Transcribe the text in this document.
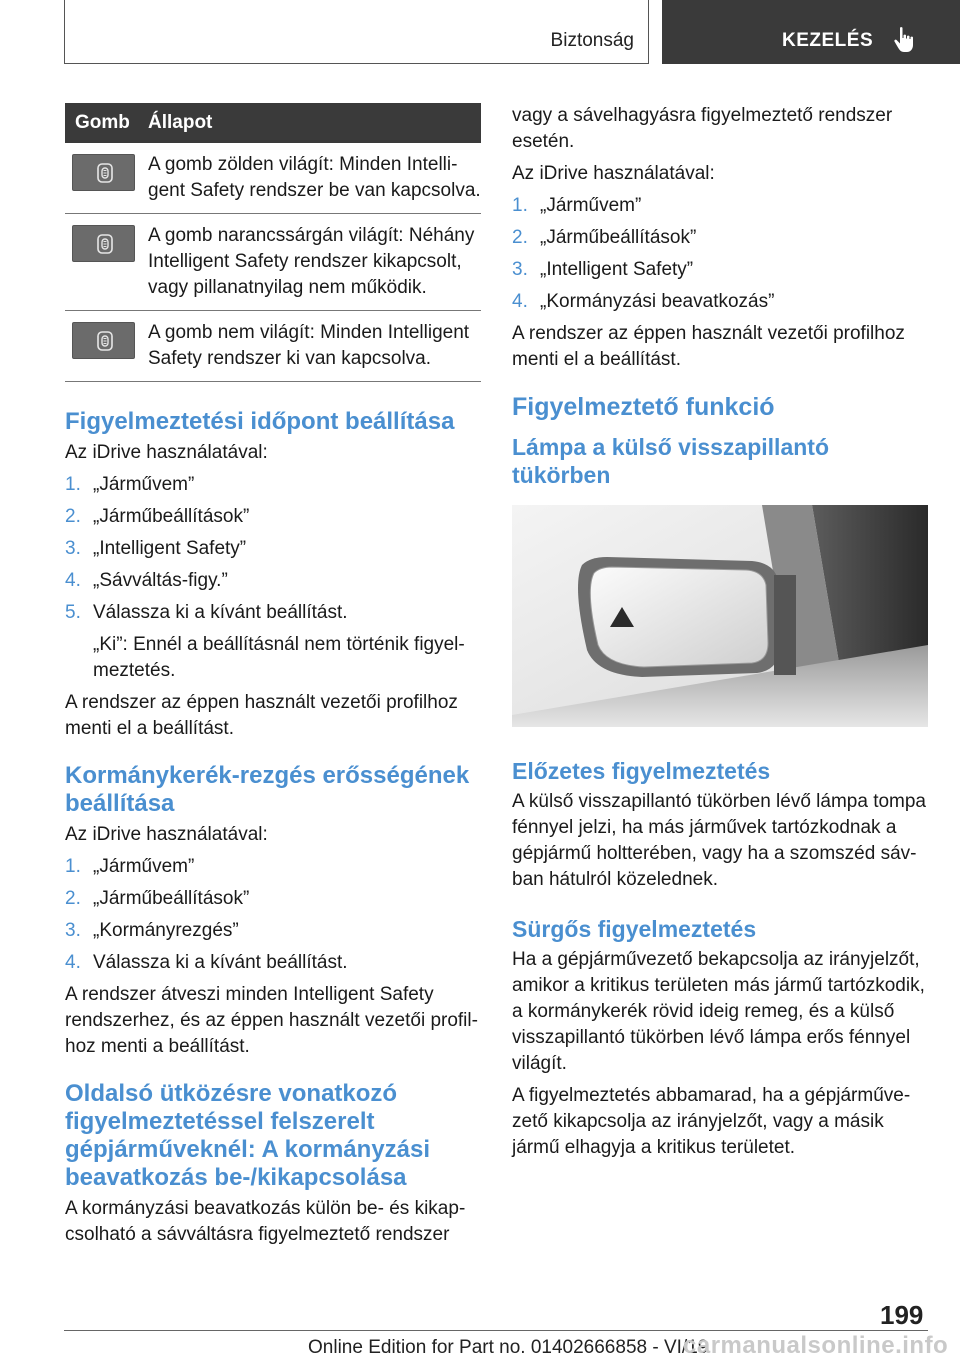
Biztonság	KEZELÉS
Gomb	Állapot

	A gomb zölden világít: Minden Intelligent Safety rendszer be van kapcsolva.

	A gomb narancssárgán világít: Néhány Intelligent Safety rendszer kikapcsolt, vagy pillanatnyilag nem működik.

	A gomb nem világít: Minden Intelligent Safety rendszer ki van kapcsolva.
Figyelmeztetési időpont beállítása

Az iDrive használatával:

1. „Járművem”
2. „Járműbeállítások”
3. „Intelligent Safety”
4. „Sávváltás-figy.”
5. Válassza ki a kívánt beállítást.

„Ki”: Ennél a beállításnál nem történik figyelmeztetés.

A rendszer az éppen használt vezetői profilhoz menti el a beállítást.

Kormánykerék-rezgés erősségének beállítása

Az iDrive használatával:

1. „Járművem”
2. „Járműbeállítások”
3. „Kormányrezgés”
4. Válassza ki a kívánt beállítást.

A rendszer átveszi minden Intelligent Safety rendszerhez, és az éppen használt vezetői profilhoz menti a beállítást.

Oldalsó ütközésre vonatkozó figyelmeztetéssel felszerelt gépjárműveknél: A kormányzási beavatkozás be-/kikapcsolása

A kormányzási beavatkozás külön be- és kikapcsolható a sávváltásra figyelmeztető rendszer

vagy a sávelhagyásra figyelmeztető rendszer esetén.

Az iDrive használatával:

1. „Járművem”
2. „Járműbeállítások”
3. „Intelligent Safety”
4. „Kormányzási beavatkozás”

A rendszer az éppen használt vezetői profilhoz menti el a beállítást.

Figyelmeztető funkció
Lámpa a külső visszapillantó tükörben
Előzetes figyelmeztetés

A külső visszapillantó tükörben lévő lámpa tompa fénnyel jelzi, ha más járművek tartózkodnak a gépjármű holtterében, vagy ha a szomszéd sávban hátulról közelednek.

Sürgős figyelmeztetés

Ha a gépjárművezető bekapcsolja az irányjelzőt, amikor a kritikus területen más jármű tartózkodik, a kormánykerék rövid ideig remeg, és a külső visszapillantó tükörben lévő lámpa erős fénnyel világít.

A figyelmeztetés abbamarad, ha a gépjárművezető kikapcsolja az irányjelzőt, vagy a másik jármű elhagyja a kritikus területet.

199
Online Edition for Part no. 01402666858 - VI/19
carmanualsonline.info
